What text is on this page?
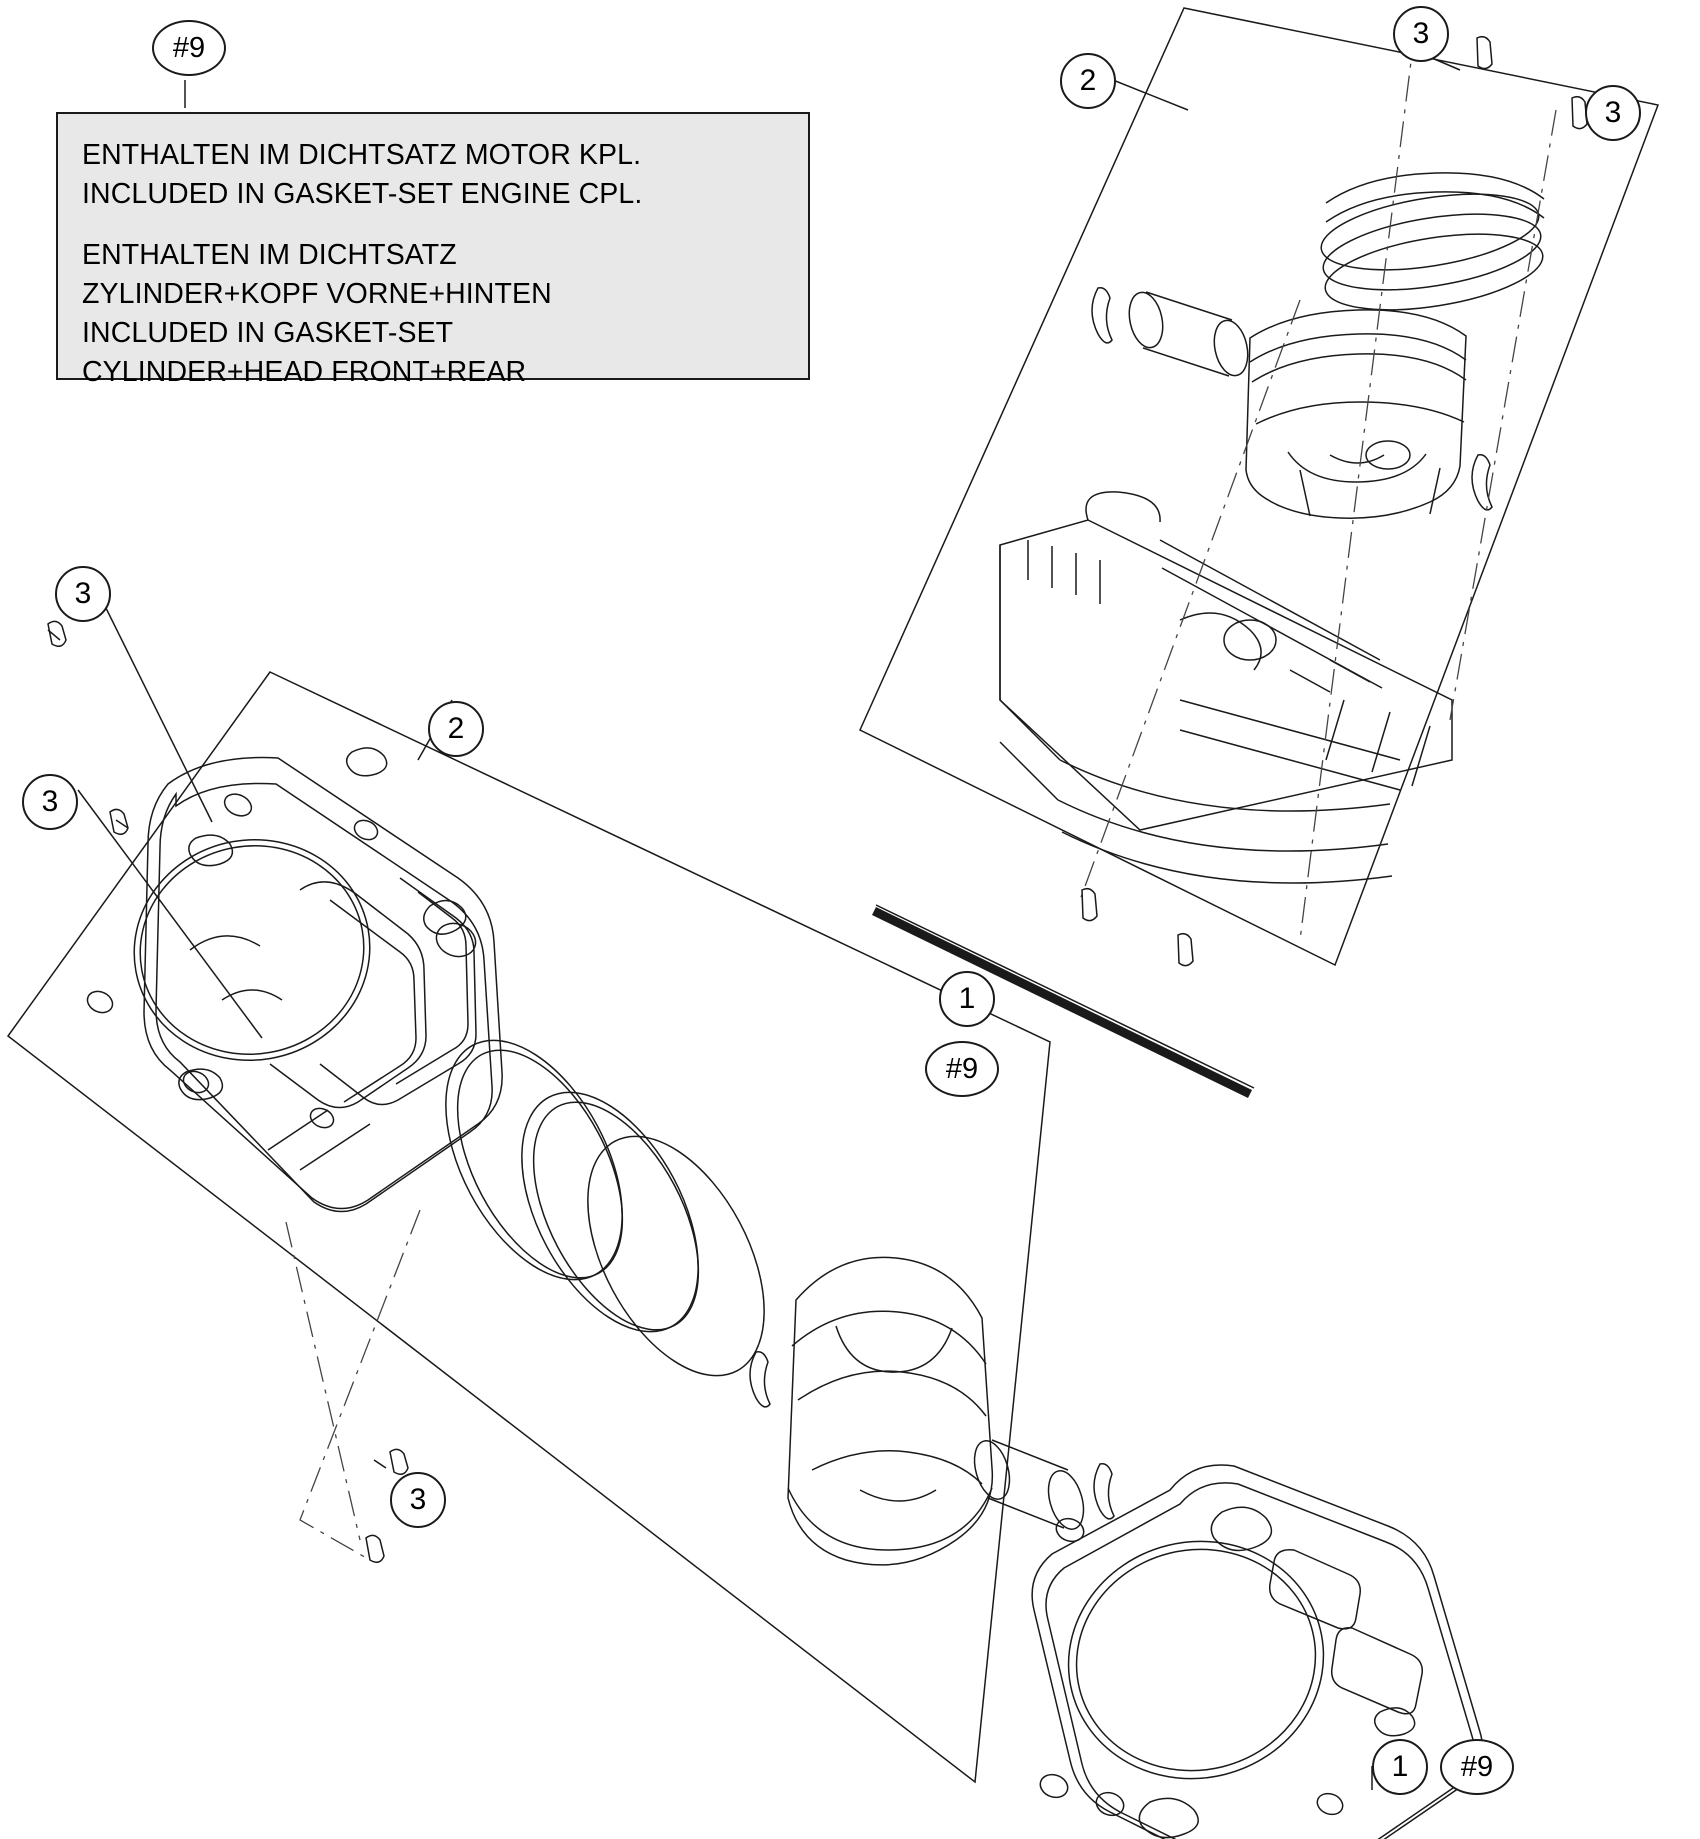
ENTHALTEN IM DICHTSATZ MOTOR KPL.
INCLUDED IN GASKET-SET ENGINE CPL.
ENTHALTEN IM DICHTSATZ
ZYLINDER+KOPF VORNE+HINTEN
INCLUDED IN GASKET-SET
CYLINDER+HEAD FRONT+REAR
#9
2
3
3
3
3
2
1
#9
3
1	#9
